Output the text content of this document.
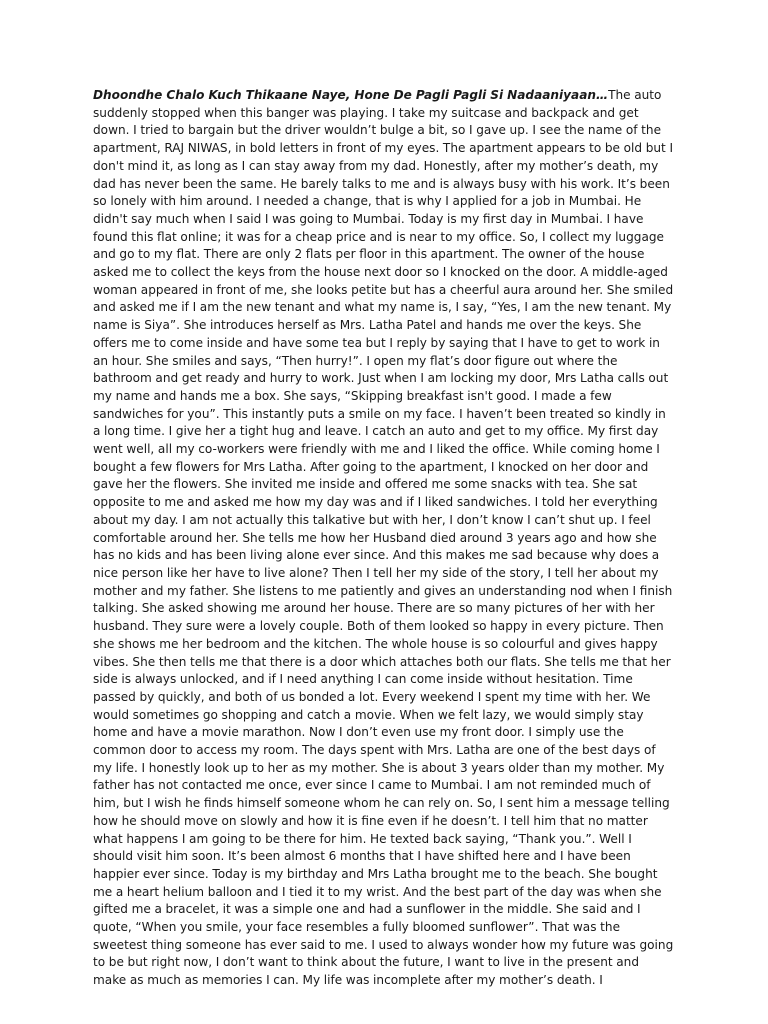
Dhoondhe Chalo Kuch Thikaane Naye, Hone De Pagli Pagli Si Nadaaniyaan…The auto suddenly stopped when this banger was playing. I take my suitcase and backpack and get down. I tried to bargain but the driver wouldn’t bulge a bit, so I gave up. I see the name of the apartment, RAJ NIWAS, in bold letters in front of my eyes. The apartment appears to be old but I don't mind it, as long as I can stay away from my dad. Honestly, after my mother’s death, my dad has never been the same. He barely talks to me and is always busy with his work. It’s been so lonely with him around. I needed a change, that is why I applied for a job in Mumbai. He didn't say much when I said I was going to Mumbai. Today is my first day in Mumbai. I have found this flat online; it was for a cheap price and is near to my office. So, I collect my luggage and go to my flat. There are only 2 flats per floor in this apartment. The owner of the house asked me to collect the keys from the house next door so I knocked on the door. A middle-aged woman appeared in front of me, she looks petite but has a cheerful aura around her. She smiled and asked me if I am the new tenant and what my name is, I say, “Yes, I am the new tenant. My name is Siya”. She introduces herself as Mrs. Latha Patel and hands me over the keys. She offers me to come inside and have some tea but I reply by saying that I have to get to work in an hour. She smiles and says, “Then hurry!”. I open my flat’s door figure out where the bathroom and get ready and hurry to work. Just when I am locking my door, Mrs Latha calls out my name and hands me a box. She says, “Skipping breakfast isn't good. I made a few sandwiches for you”. This instantly puts a smile on my face. I haven’t been treated so kindly in a long time. I give her a tight hug and leave. I catch an auto and get to my office. My first day went well, all my co-workers were friendly with me and I liked the office. While coming home I bought a few flowers for Mrs Latha. After going to the apartment, I knocked on her door and gave her the flowers. She invited me inside and offered me some snacks with tea. She sat opposite to me and asked me how my day was and if I liked sandwiches. I told her everything about my day. I am not actually this talkative but with her, I don’t know I can’t shut up. I feel comfortable around her. She tells me how her Husband died around 3 years ago and how she has no kids and has been living alone ever since. And this makes me sad because why does a nice person like her have to live alone? Then I tell her my side of the story, I tell her about my mother and my father. She listens to me patiently and gives an understanding nod when I finish talking. She asked showing me around her house. There are so many pictures of her with her husband. They sure were a lovely couple. Both of them looked so happy in every picture. Then she shows me her bedroom and the kitchen. The whole house is so colourful and gives happy vibes. She then tells me that there is a door which attaches both our flats. She tells me that her side is always unlocked, and if I need anything I can come inside without hesitation. Time passed by quickly, and both of us bonded a lot. Every weekend I spent my time with her. We would sometimes go shopping and catch a movie. When we felt lazy, we would simply stay home and have a movie marathon. Now I don’t even use my front door. I simply use the common door to access my room. The days spent with Mrs. Latha are one of the best days of my life. I honestly look up to her as my mother. She is about 3 years older than my mother. My father has not contacted me once, ever since I came to Mumbai. I am not reminded much of him, but I wish he finds himself someone whom he can rely on. So, I sent him a message telling how he should move on slowly and how it is fine even if he doesn’t. I tell him that no matter what happens I am going to be there for him. He texted back saying, “Thank you.”. Well I should visit him soon. It’s been almost 6 months that I have shifted here and I have been happier ever since. Today is my birthday and Mrs Latha brought me to the beach. She bought me a heart helium balloon and I tied it to my wrist. And the best part of the day was when she gifted me a bracelet, it was a simple one and had a sunflower in the middle. She said and I quote, “When you smile, your face resembles a fully bloomed sunflower”. That was the sweetest thing someone has ever said to me. I used to always wonder how my future was going to be but right now, I don’t want to think about the future, I want to live in the present and make as much as memories I can. My life was incomplete after my mother’s death. I
